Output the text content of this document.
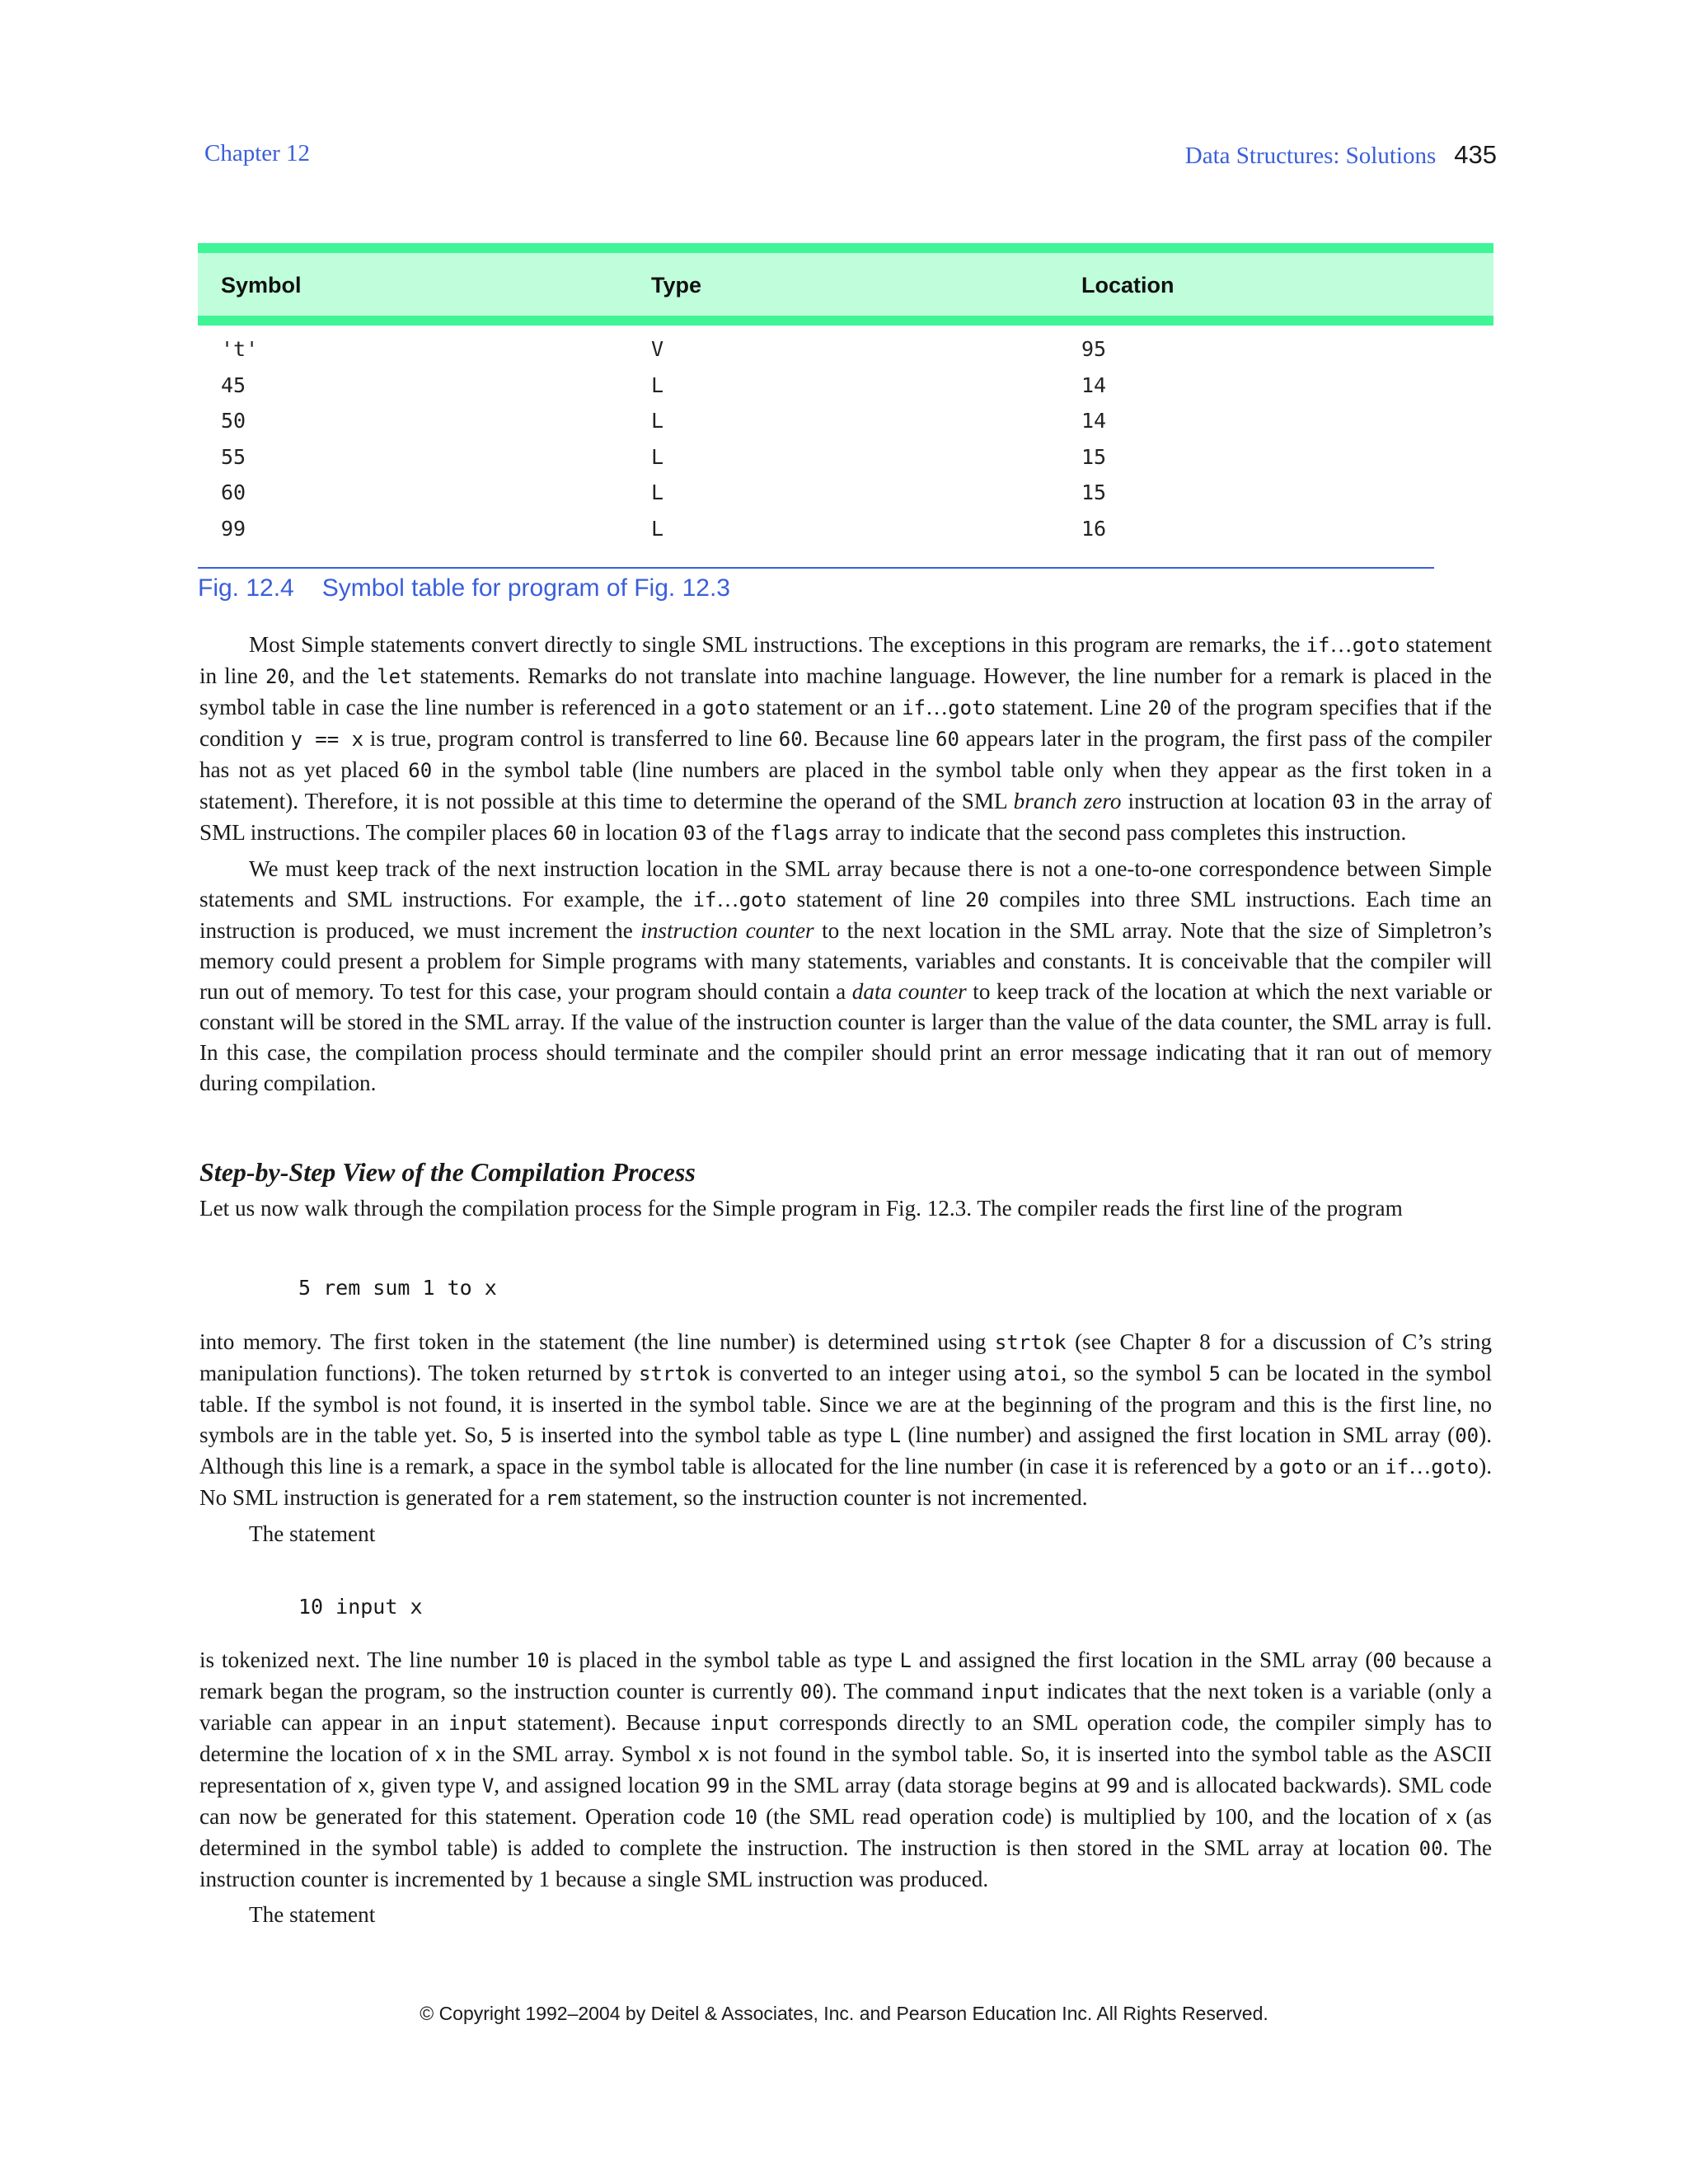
Chapter 12	Data Structures: Solutions 435
Symbol	Type	Location
't'	V	95
45	L	14
50	L	14
55	L	15
60	L	15
99	L	16
Fig. 12.4 Symbol table for program of Fig. 12.3

Most Simple statements convert directly to single SML instructions. The exceptions in this program are remarks, the if…goto statement in line 20, and the let statements. Remarks do not translate into machine language. However, the line number for a remark is placed in the symbol table in case the line number is referenced in a goto statement or an if…goto statement. Line 20 of the program specifies that if the condition y == x is true, program control is transferred to line 60. Because line 60 appears later in the program, the first pass of the compiler has not as yet placed 60 in the symbol table (line numbers are placed in the symbol table only when they appear as the first token in a statement). Therefore, it is not possible at this time to determine the operand of the SML branch zero instruction at location 03 in the array of SML instructions. The compiler places 60 in location 03 of the flags array to indicate that the second pass completes this instruction.

We must keep track of the next instruction location in the SML array because there is not a one-to-one correspondence between Simple statements and SML instructions. For example, the if…goto statement of line 20 compiles into three SML instructions. Each time an instruction is produced, we must increment the instruction counter to the next location in the SML array. Note that the size of Simpletron’s memory could present a problem for Simple programs with many statements, variables and constants. It is conceivable that the compiler will run out of memory. To test for this case, your program should contain a data counter to keep track of the location at which the next variable or constant will be stored in the SML array. If the value of the instruction counter is larger than the value of the data counter, the SML array is full. In this case, the compilation process should terminate and the compiler should print an error message indicating that it ran out of memory during compilation.

Step-by-Step View of the Compilation Process

Let us now walk through the compilation process for the Simple program in Fig. 12.3. The compiler reads the first line of the program

5 rem sum 1 to x

into memory. The first token in the statement (the line number) is determined using strtok (see Chapter 8 for a discussion of C’s string manipulation functions). The token returned by strtok is converted to an integer using atoi, so the symbol 5 can be located in the symbol table. If the symbol is not found, it is inserted in the symbol table. Since we are at the beginning of the program and this is the first line, no symbols are in the table yet. So, 5 is inserted into the symbol table as type L (line number) and assigned the first location in SML array (00). Although this line is a remark, a space in the symbol table is allocated for the line number (in case it is referenced by a goto or an if…goto). No SML instruction is generated for a rem statement, so the instruction counter is not incremented.

The statement

10 input x

is tokenized next. The line number 10 is placed in the symbol table as type L and assigned the first location in the SML array (00 because a remark began the program, so the instruction counter is currently 00). The command input indicates that the next token is a variable (only a variable can appear in an input statement). Because input corresponds directly to an SML operation code, the compiler simply has to determine the location of x in the SML array. Symbol x is not found in the symbol table. So, it is inserted into the symbol table as the ASCII representation of x, given type V, and assigned location 99 in the SML array (data storage begins at 99 and is allocated backwards). SML code can now be generated for this statement. Operation code 10 (the SML read operation code) is multiplied by 100, and the location of x (as determined in the symbol table) is added to complete the instruction. The instruction is then stored in the SML array at location 00. The instruction counter is incremented by 1 because a single SML instruction was produced.

The statement

© Copyright 1992–2004 by Deitel & Associates, Inc. and Pearson Education Inc. All Rights Reserved.
